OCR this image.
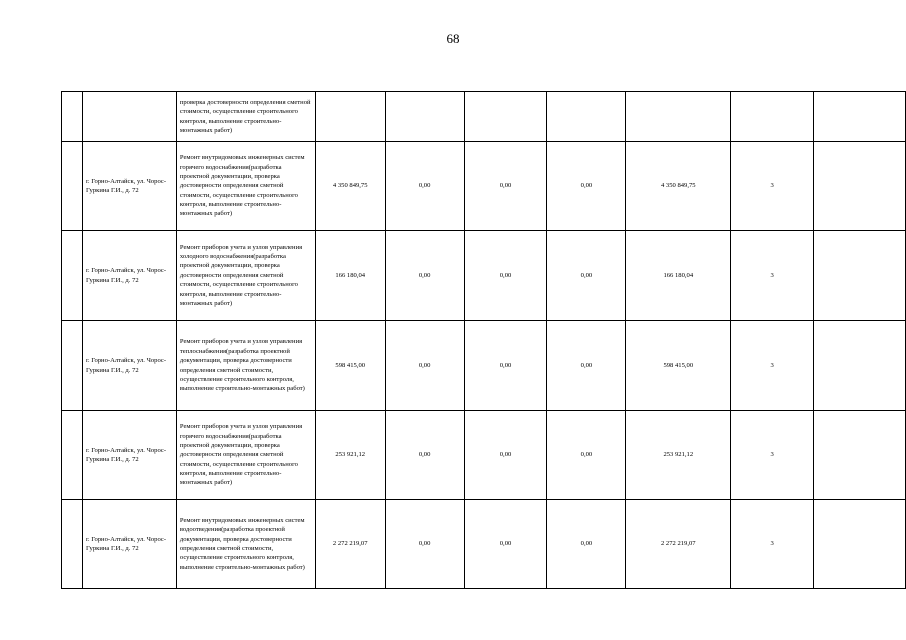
68
		проверка достоверности определения сметной стоимости, осуществление строительного контроля, выполнение строительно-монтажных работ)							
	г. Горно-Алтайск, ул. Чорос-Гуркина Г.И., д. 72	Ремонт внутридомовых инженерных систем горячего водоснабжения(разработка проектной документации, проверка достоверности определения сметной стоимости, осуществление строительного контроля, выполнение строительно-монтажных работ)	4 350 849,75	0,00	0,00	0,00	4 350 849,75	3	
	г. Горно-Алтайск, ул. Чорос-Гуркина Г.И., д. 72	Ремонт приборов учета и узлов управления холодного водоснабжения(разработка проектной документации, проверка достоверности определения сметной стоимости, осуществление строительного контроля, выполнение строительно-монтажных работ)	166 180,04	0,00	0,00	0,00	166 180,04	3	
	г. Горно-Алтайск, ул. Чорос-Гуркина Г.И., д. 72	Ремонт приборов учета и узлов управления теплоснабжения(разработка проектной документации, проверка достоверности определения сметной стоимости, осуществление строительного контроля, выполнение строительно-монтажных работ)	598 415,00	0,00	0,00	0,00	598 415,00	3	
	г. Горно-Алтайск, ул. Чорос-Гуркина Г.И., д. 72	Ремонт приборов учета и узлов управления горячего водоснабжения(разработка проектной документации, проверка достоверности определения сметной стоимости, осуществление строительного контроля, выполнение строительно-монтажных работ)	253 921,12	0,00	0,00	0,00	253 921,12	3	
	г. Горно-Алтайск, ул. Чорос-Гуркина Г.И., д. 72	Ремонт внутридомовых инженерных систем водоотведения(разработка проектной документации, проверка достоверности определения сметной стоимости, осуществление строительного контроля, выполнение строительно-монтажных работ)	2 272 219,07	0,00	0,00	0,00	2 272 219,07	3	
